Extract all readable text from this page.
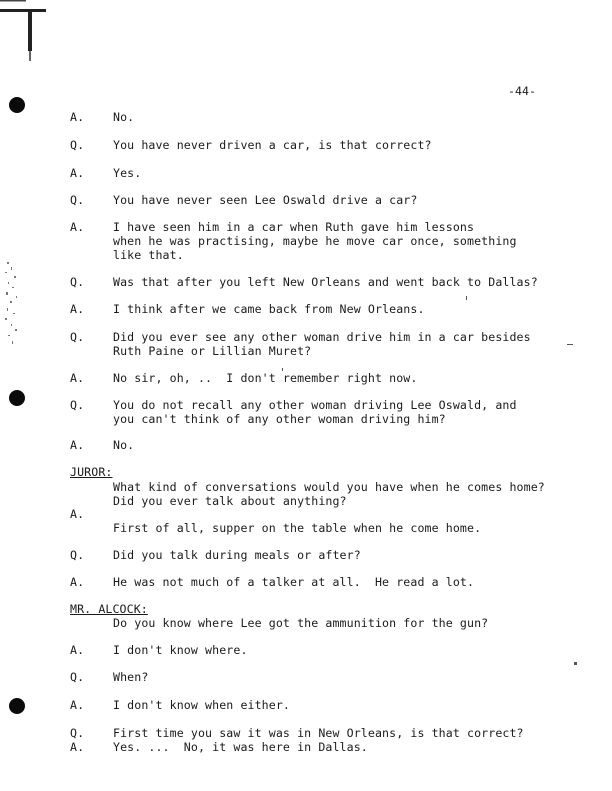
-44-
A. No.
Q. You have never driven a car, is that correct?
A. Yes.
Q. You have never seen Lee Oswald drive a car?
A. I have seen him in a car when Ruth gave him lessons
when he was practising, maybe he move car once, something
like that.
Q. Was that after you left New Orleans and went back to Dallas?
A. I think after we came back from New Orleans.
Q. Did you ever see any other woman drive him in a car besides
Ruth Paine or Lillian Muret?
A. No sir, oh, ..  I don't remember right now.
Q. You do not recall any other woman driving Lee Oswald, and
you can't think of any other woman driving him?
A. No.
JUROR:
What kind of conversations would you have when he comes home?
Did you ever talk about anything?
A.
First of all, supper on the table when he come home.
Q. Did you talk during meals or after?
A. He was not much of a talker at all.  He read a lot.
MR. ALCOCK:
Do you know where Lee got the ammunition for the gun?
A. I don't know where.
Q. When?
A. I don't know when either.
Q. First time you saw it was in New Orleans, is that correct?
A. Yes. ...  No, it was here in Dallas.
